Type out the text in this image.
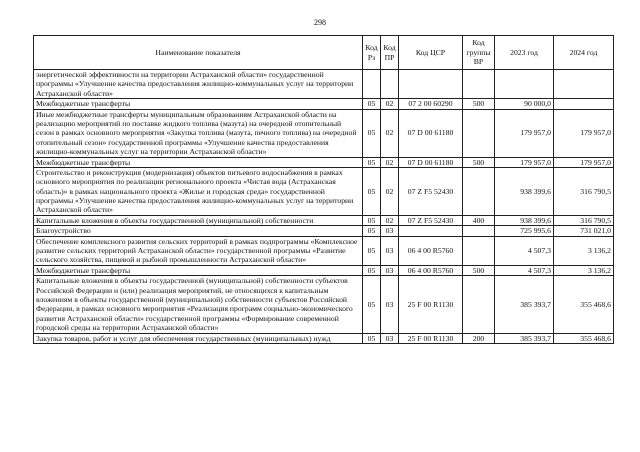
298
Наименование показателя	Код Рз	Код ПР	Код ЦСР	Код группы ВР	2023 год	2024 год
энергетической эффективности на территории Астраханской области» государственной программы «Улучшение качества предоставления жилищно-коммунальных услуг на территории Астраханской области»						
Межбюджетные трансферты	05	02	07 2 00 60290	500	90 000,0	
Иные межбюджетные трансферты муниципальным образованиям Астраханской области на реализацию мероприятий по поставке жидкого топлива (мазута) на очередной отопительный сезон в рамках основного мероприятия «Закупка топлива (мазута, печного топлива) на очередной отопительный сезон» государственной программы «Улучшение качества предоставления жилищно-коммунальных услуг на территории Астраханской области»	05	02	07 D 00 61180		179 957,0	179 957,0
Межбюджетные трансферты	05	02	07 D 00 61180	500	179 957,0	179 957,0
Строительство и реконструкция (модернизация) объектов питьевого водоснабжения в рамках основного мероприятия по реализации регионального проекта «Чистая вода (Астраханская область)» в рамках национального проекта «Жилье и городская среда» государственной программы «Улучшение качества предоставления жилищно-коммунальных услуг на территории Астраханской области»	05	02	07 Z F5 52430		938 399,6	316 790,5
Капитальные вложения в объекты государственной (муниципальной) собственности	05	02	07 Z F5 52430	400	938 399,6	316 790,5
Благоустройство	05	03			725 995,6	731 021,0
Обеспечение комплексного развития сельских территорий в рамках подпрограммы «Комплексное развитие сельских территорий Астраханской области» государственной программы «Развитие сельского хозяйства, пищевой и рыбной промышленности Астраханской области»	05	03	06 4 00 R5760		4 507,3	3 136,2
Межбюджетные трансферты	05	03	06 4 00 R5760	500	4 507,3	3 136,2
Капитальные вложения в объекты государственной (муниципальной) собственности субъектов Российской Федерации и (или) реализация мероприятий, не относящихся к капитальным вложениям в объекты государственной (муниципальной) собственности субъектов Российской Федерации, в рамках основного мероприятия «Реализация программ социально-экономического развития Астраханской области» государственной программы «Формирование современной городской среды на территории Астраханской области»	05	03	25 F 00 R1130		385 393,7	355 468,6
Закупка товаров, работ и услуг для обеспечения государственных (муниципальных) нужд	05	03	25 F 00 R1130	200	385 393,7	355 468,6
